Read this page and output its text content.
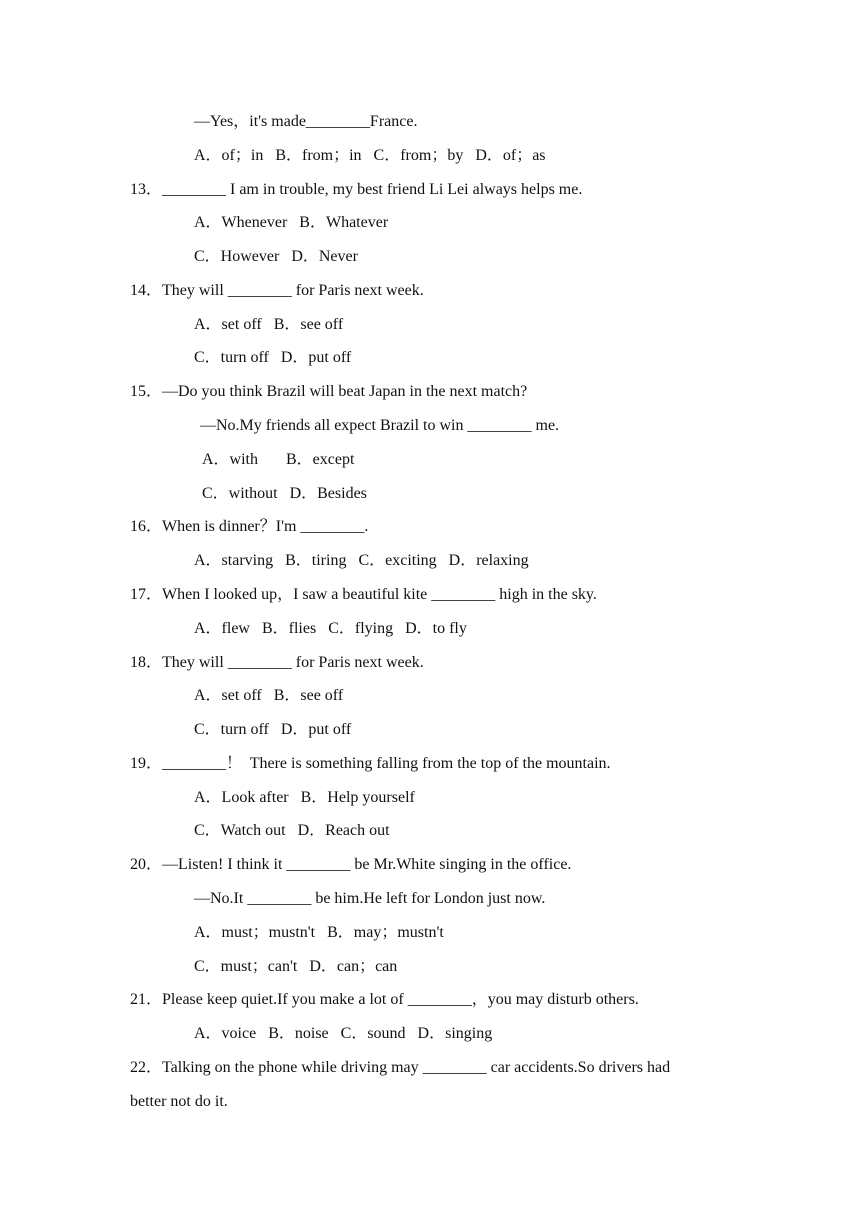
—Yes，it's made________France.
A．of；in   B．from；in   C．from；by   D．of；as
13．________ I am in trouble, my best friend Li Lei always helps me.
A．Whenever   B．Whatever
C．However   D．Never
14．They will ________ for Paris next week.
A．set off   B．see off
C．turn off   D．put off
15．—Do you think Brazil will beat Japan in the next match?
—No.My friends all expect Brazil to win ________ me.
A．with       B．except
C．without   D．Besides
16．When is dinner？I'm ________.
A．starving   B．tiring   C．exciting   D．relaxing
17．When I looked up，I saw a beautiful kite ________ high in the sky.
A．flew   B．flies   C．flying   D．to fly
18．They will ________ for Paris next week.
A．set off   B．see off
C．turn off   D．put off
19．________！  There is something falling from the top of the mountain.
A．Look after   B．Help yourself
C．Watch out   D．Reach out
20．—Listen! I think it ________ be Mr.White singing in the office.
—No.It ________ be him.He left for London just now.
A．must；mustn't   B．may；mustn't
C．must；can't   D．can；can
21．Please keep quiet.If you make a lot of ________，you may disturb others.
A．voice   B．noise   C．sound   D．singing
22．Talking on the phone while driving may ________ car accidents.So drivers had
better not do it.
